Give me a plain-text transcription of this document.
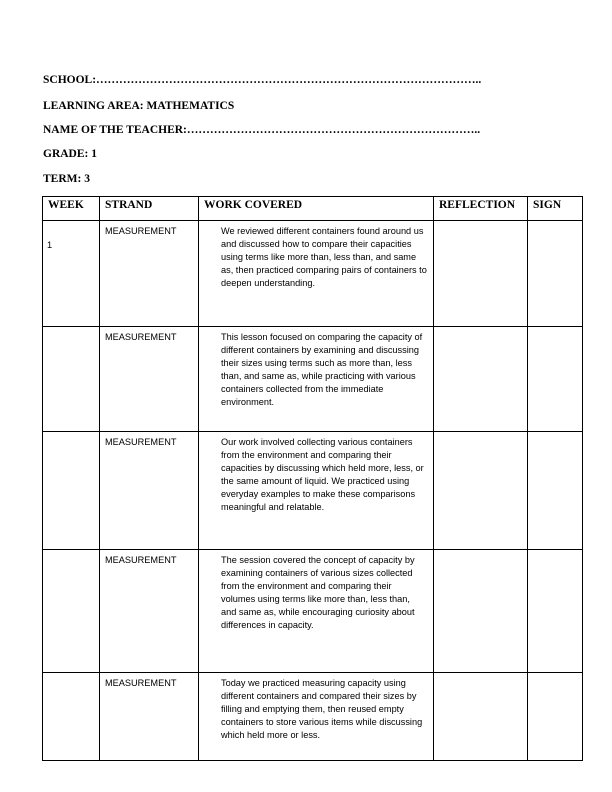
SCHOOL:………………………………………………………………………………………..
LEARNING AREA: MATHEMATICS
NAME OF THE TEACHER:…………………………………………………………………..
GRADE: 1
TERM: 3
WEEK	STRAND	WORK COVERED	REFLECTION	SIGN
1	MEASUREMENT	We reviewed different containers found around us and discussed how to compare their capacities using terms like more than, less than, and same as, then practiced comparing pairs of containers to deepen understanding.		

	MEASUREMENT	This lesson focused on comparing the capacity of different containers by examining and discussing their sizes using terms such as more than, less than, and same as, while practicing with various containers collected from the immediate environment.		

	MEASUREMENT	Our work involved collecting various containers from the environment and comparing their capacities by discussing which held more, less, or the same amount of liquid. We practiced using everyday examples to make these comparisons meaningful and relatable.		

	MEASUREMENT	The session covered the concept of capacity by examining containers of various sizes collected from the environment and comparing their volumes using terms like more than, less than, and same as, while encouraging curiosity about differences in capacity.		

	MEASUREMENT	Today we practiced measuring capacity using different containers and compared their sizes by filling and emptying them, then reused empty containers to store various items while discussing which held more or less.		
